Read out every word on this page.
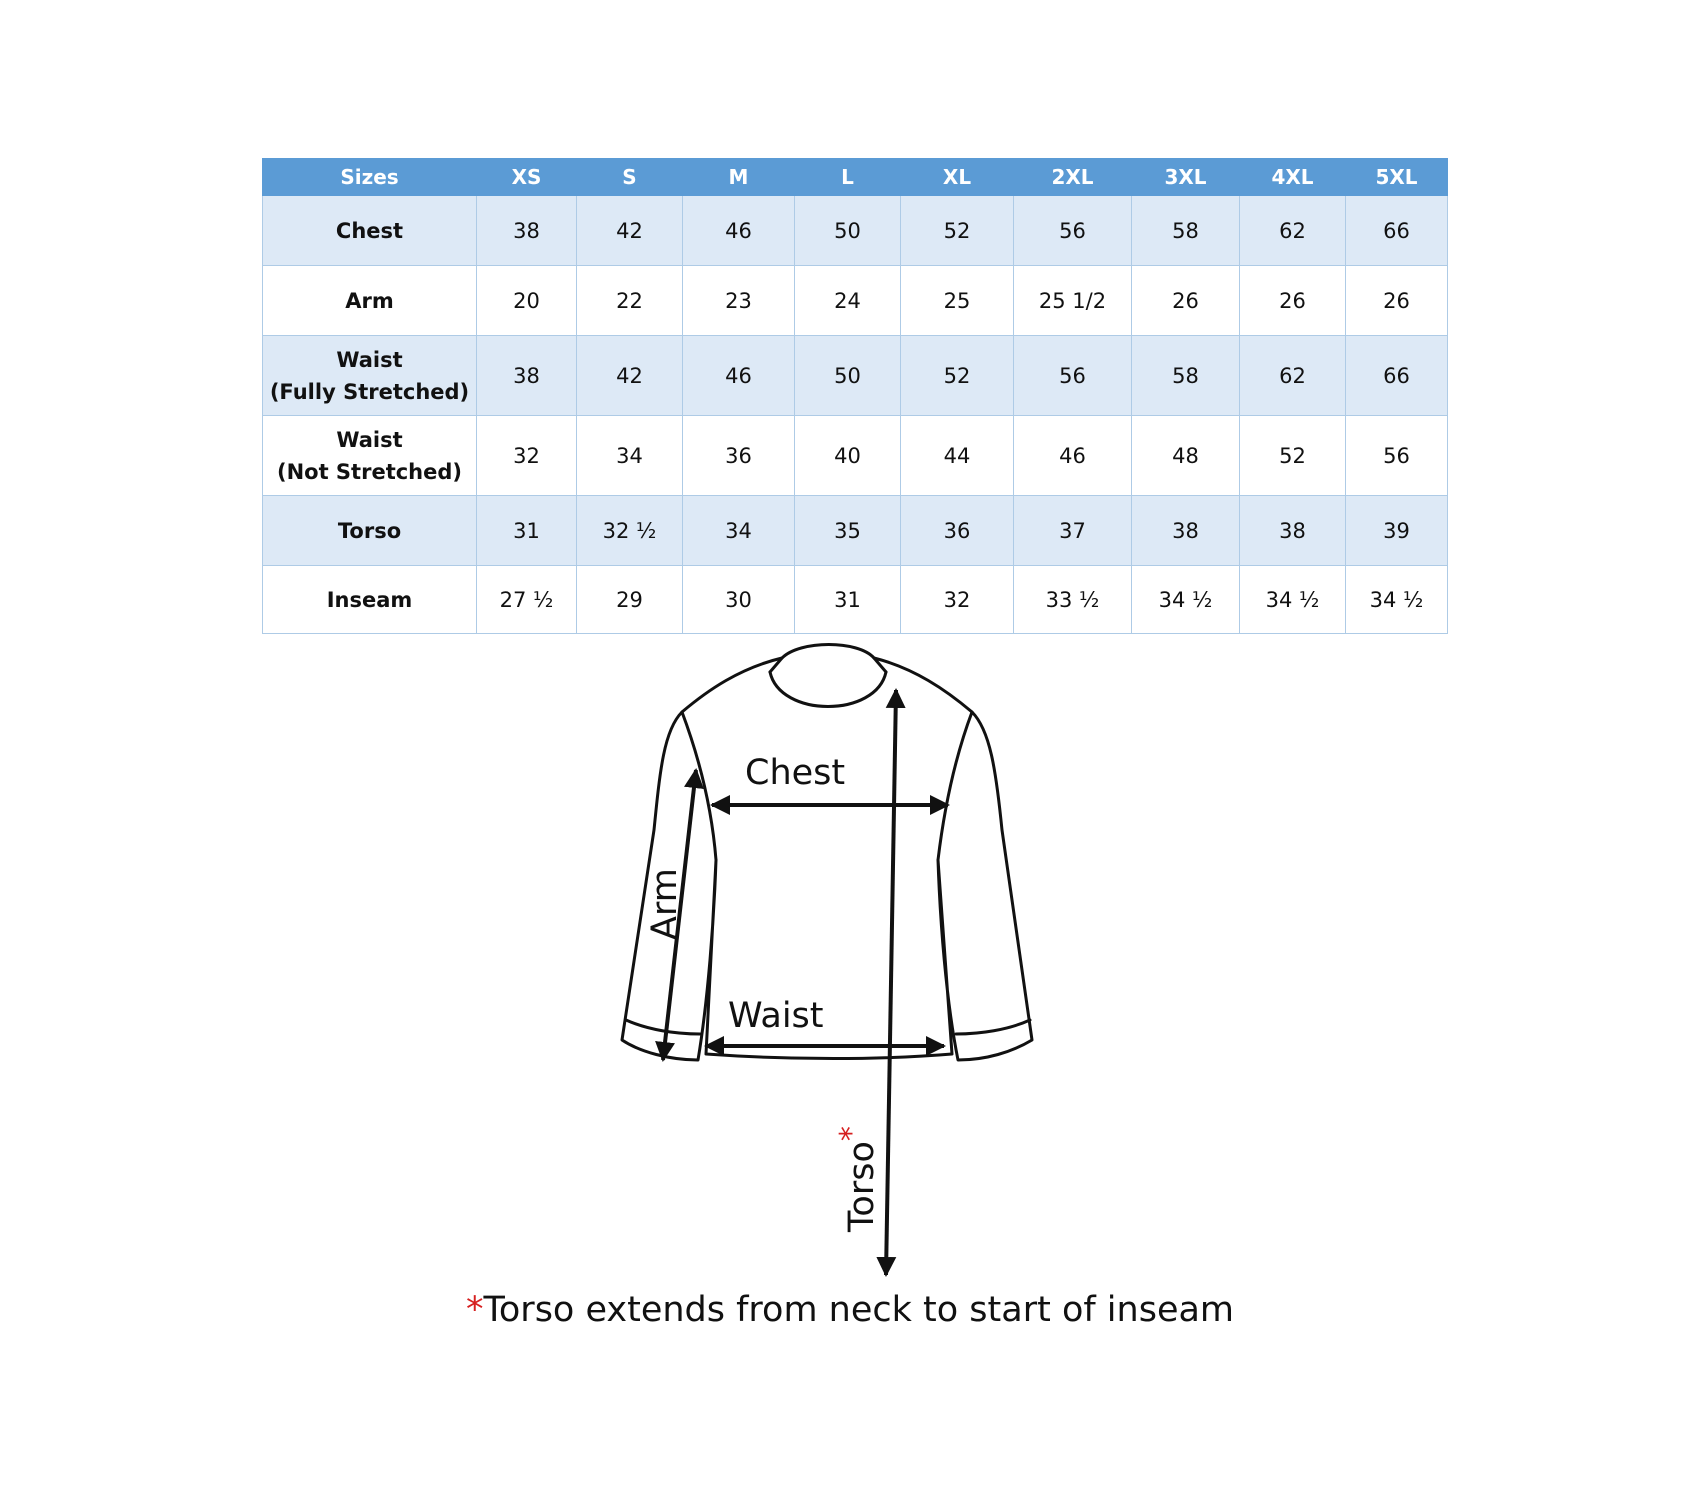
Sizes	XS	S	M	L	XL	2XL	3XL	4XL	5XL
Chest	38	42	46	50	52	56	58	62	66
Arm	20	22	23	24	25	25 1/2	26	26	26
Waist
(Fully Stretched)	38	42	46	50	52	56	58	62	66
Waist
(Not Stretched)	32	34	36	40	44	46	48	52	56
Torso	31	32 ½	34	35	36	37	38	38	39
Inseam	27 ½	29	30	31	32	33 ½	34 ½	34 ½	34 ½
Chest
Waist
Arm
Torso*
*Torso extends from neck to start of inseam
